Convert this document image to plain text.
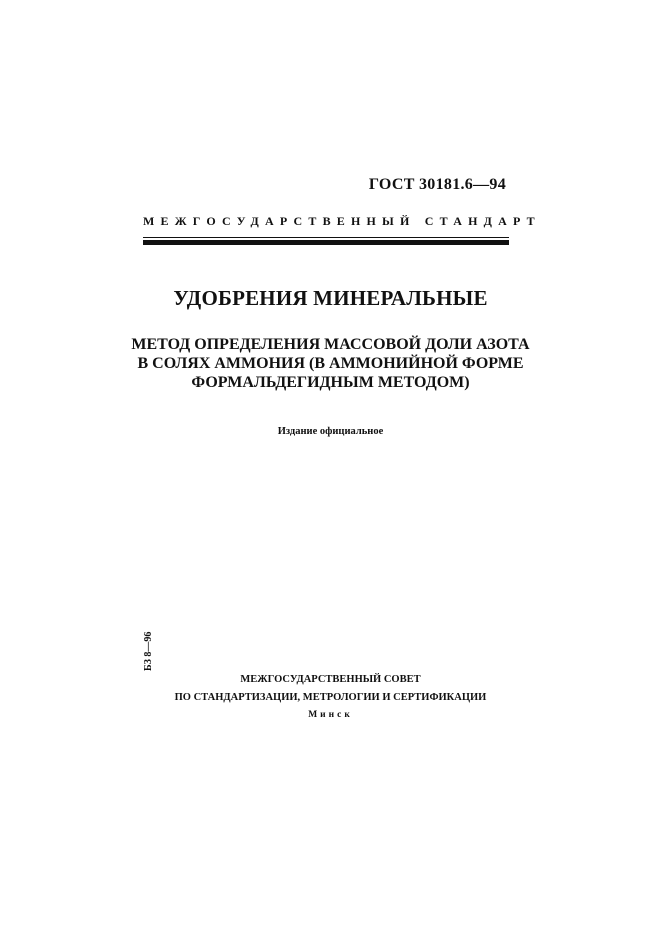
ГОСТ 30181.6—94
МЕЖГОСУДАРСТВЕННЫЙ СТАНДАРТ
УДОБРЕНИЯ МИНЕРАЛЬНЫЕ
МЕТОД ОПРЕДЕЛЕНИЯ МАССОВОЙ ДОЛИ АЗОТА
В СОЛЯХ АММОНИЯ (В АММОНИЙНОЙ ФОРМЕ
ФОРМАЛЬДЕГИДНЫМ МЕТОДОМ)
Издание официальное
БЗ 8—96
МЕЖГОСУДАРСТВЕННЫЙ СОВЕТ
ПО СТАНДАРТИЗАЦИИ, МЕТРОЛОГИИ И СЕРТИФИКАЦИИ
Минск
